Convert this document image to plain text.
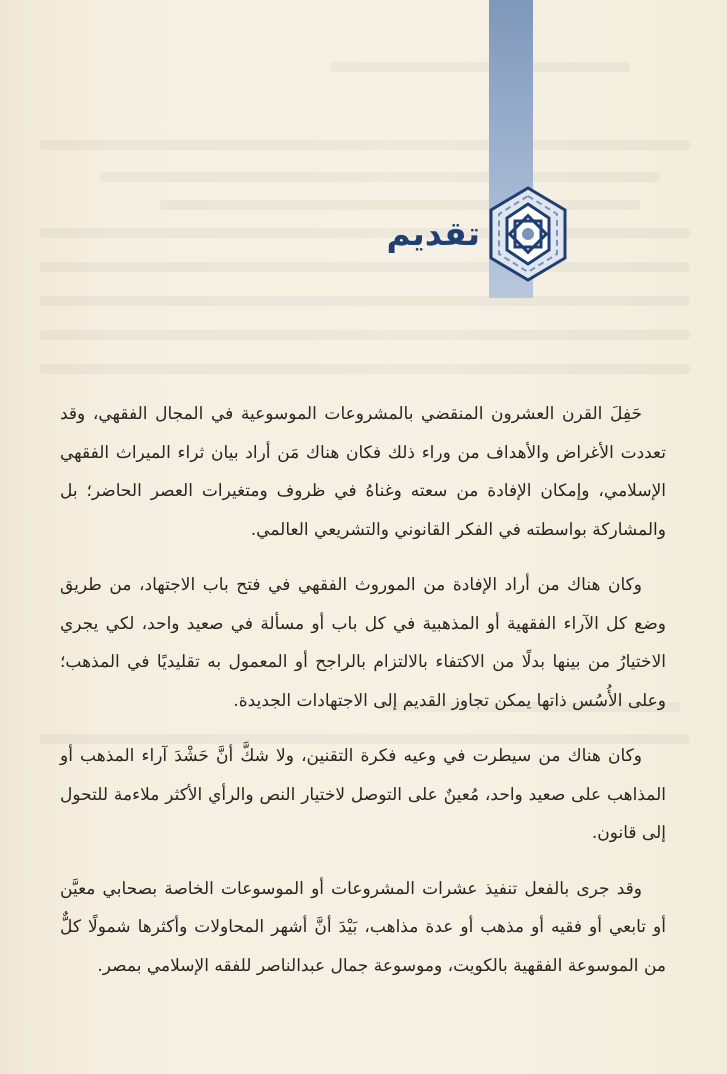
تقديم

حَفِلَ القرن العشرون المنقضي بالمشروعات الموسوعية في المجال الفقهي، وقد تعددت الأغراض والأهداف من وراء ذلك فكان هناك مَن أراد بيان ثراء الميراث الفقهي الإسلامي، وإمكان الإفادة من سعته وغناهُ في ظروف ومتغيرات العصر الحاضر؛ بل والمشاركة بواسطته في الفكر القانوني والتشريعي العالمي.

وكان هناك من أراد الإفادة من الموروث الفقهي في فتح باب الاجتهاد، من طريق وضع كل الآراء الفقهية أو المذهبية في كل باب أو مسألة في صعيد واحد، لكي يجري الاختيارُ من بينها بدلًا من الاكتفاء بالالتزام بالراجح أو المعمول به تقليديًا في المذهب؛ وعلى الأُسُس ذاتها يمكن تجاوز القديم إلى الاجتهادات الجديدة.

وكان هناك من سيطرت في وعيه فكرة التقنين، ولا شكَّ أنَّ حَشْدَ آراء المذهب أو المذاهب على صعيد واحد، مُعينٌ على التوصل لاختيار النص والرأي الأكثر ملاءمة للتحول إلى قانون.

وقد جرى بالفعل تنفيذ عشرات المشروعات أو الموسوعات الخاصة بصحابي معيَّن أو تابعي أو فقيه أو مذهب أو عدة مذاهب، بَيْدَ أنَّ أشهر المحاولات وأكثرها شمولًا كلٌّ من الموسوعة الفقهية بالكويت، وموسوعة جمال عبدالناصر للفقه الإسلامي بمصر.
